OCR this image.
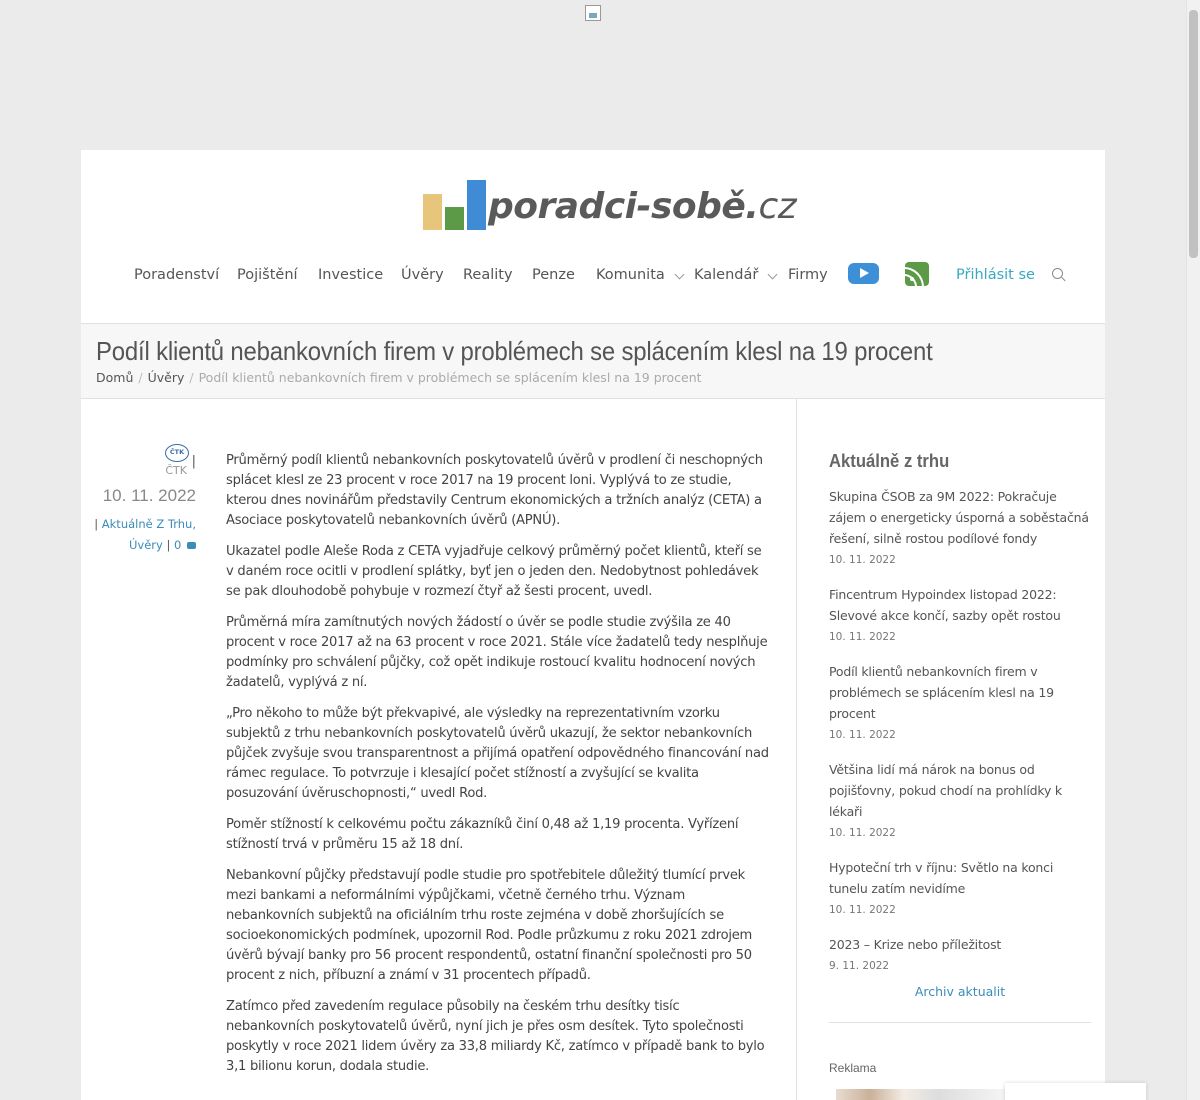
poradci-sobě.cz
Poradenství Pojištění Investice Úvěry Reality Penze Komunita Kalendář Firmy	Přihlásit se
Podíl klientů nebankovních firem v problémech se splácením klesl na 19 procent
Domů / Úvěry / Podíl klientů nebankovních firem v problémech se splácením klesl na 19 procent
ČTK
|
ČTK
10. 11. 2022
| Aktuálně Z Trhu,
Úvěry | 0

Průměrný podíl klientů nebankovních poskytovatelů úvěrů v prodlení či neschopných splácet klesl ze 23 procent v roce 2017 na 19 procent loni. Vyplývá to ze studie, kterou dnes novinářům představily Centrum ekonomických a tržních analýz (CETA) a Asociace poskytovatelů nebankovních úvěrů (APNÚ).

Ukazatel podle Aleše Roda z CETA vyjadřuje celkový průměrný počet klientů, kteří se v daném roce ocitli v prodlení splátky, byť jen o jeden den. Nedobytnost pohledávek se pak dlouhodobě pohybuje v rozmezí čtyř až šesti procent, uvedl.

Průměrná míra zamítnutých nových žádostí o úvěr se podle studie zvýšila ze 40 procent v roce 2017 až na 63 procent v roce 2021. Stále více žadatelů tedy nesplňuje podmínky pro schválení půjčky, což opět indikuje rostoucí kvalitu hodnocení nových žadatelů, vyplývá z ní.

„Pro někoho to může být překvapivé, ale výsledky na reprezentativním vzorku subjektů z trhu nebankovních poskytovatelů úvěrů ukazují, že sektor nebankovních půjček zvyšuje svou transparentnost a přijímá opatření odpovědného financování nad rámec regulace. To potvrzuje i klesající počet stížností a zvyšující se kvalita posuzování úvěruschopnosti,“ uvedl Rod.

Poměr stížností k celkovému počtu zákazníků činí 0,48 až 1,19 procenta. Vyřízení stížností trvá v průměru 15 až 18 dní.

Nebankovní půjčky představují podle studie pro spotřebitele důležitý tlumící prvek mezi bankami a neformálními výpůjčkami, včetně černého trhu. Význam nebankovních subjektů na oficiálním trhu roste zejména v době zhoršujících se socioekonomických podmínek, upozornil Rod. Podle průzkumu z roku 2021 zdrojem úvěrů bývají banky pro 56 procent respondentů, ostatní finanční společnosti pro 50 procent z nich, příbuzní a známí v 31 procentech případů.

Zatímco před zavedením regulace působily na českém trhu desítky tisíc nebankovních poskytovatelů úvěrů, nyní jich je přes osm desítek. Tyto společnosti poskytly v roce 2021 lidem úvěry za 33,8 miliardy Kč, zatímco v případě bank to bylo 3,1 bilionu korun, dodala studie.

Aktuálně z trhu
Skupina ČSOB za 9M 2022: Pokračuje zájem o energeticky úsporná a soběstačná řešení, silně rostou podílové fondy
10. 11. 2022
Fincentrum Hypoindex listopad 2022: Slevové akce končí, sazby opět rostou
10. 11. 2022
Podíl klientů nebankovních firem v problémech se splácením klesl na 19 procent
10. 11. 2022
Většina lidí má nárok na bonus od pojišťovny, pokud chodí na prohlídky k lékaři
10. 11. 2022
Hypoteční trh v říjnu: Světlo na konci tunelu zatím nevidíme
10. 11. 2022
2023 – Krize nebo příležitost
9. 11. 2022
Archiv aktualit
Reklama
